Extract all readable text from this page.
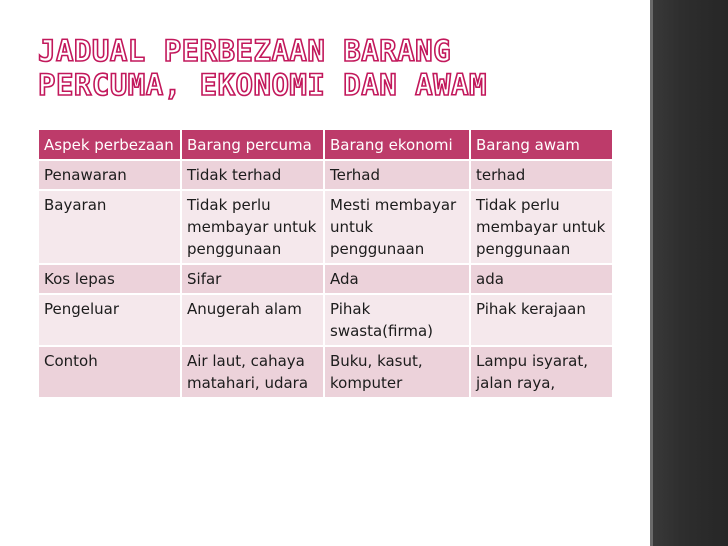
JADUAL PERBEZAAN BARANG
PERCUMA, EKONOMI DAN AWAM
Aspek perbezaan	Barang percuma	Barang ekonomi	Barang awam
Penawaran	Tidak terhad	Terhad	terhad
Bayaran	Tidak perlu membayar untuk penggunaan	Mesti membayar untuk penggunaan	Tidak perlu membayar untuk penggunaan
Kos lepas	Sifar	Ada	ada
Pengeluar	Anugerah alam	Pihak swasta(firma)	Pihak kerajaan
Contoh	Air laut, cahaya matahari, udara	Buku, kasut, komputer	Lampu isyarat, jalan raya,
